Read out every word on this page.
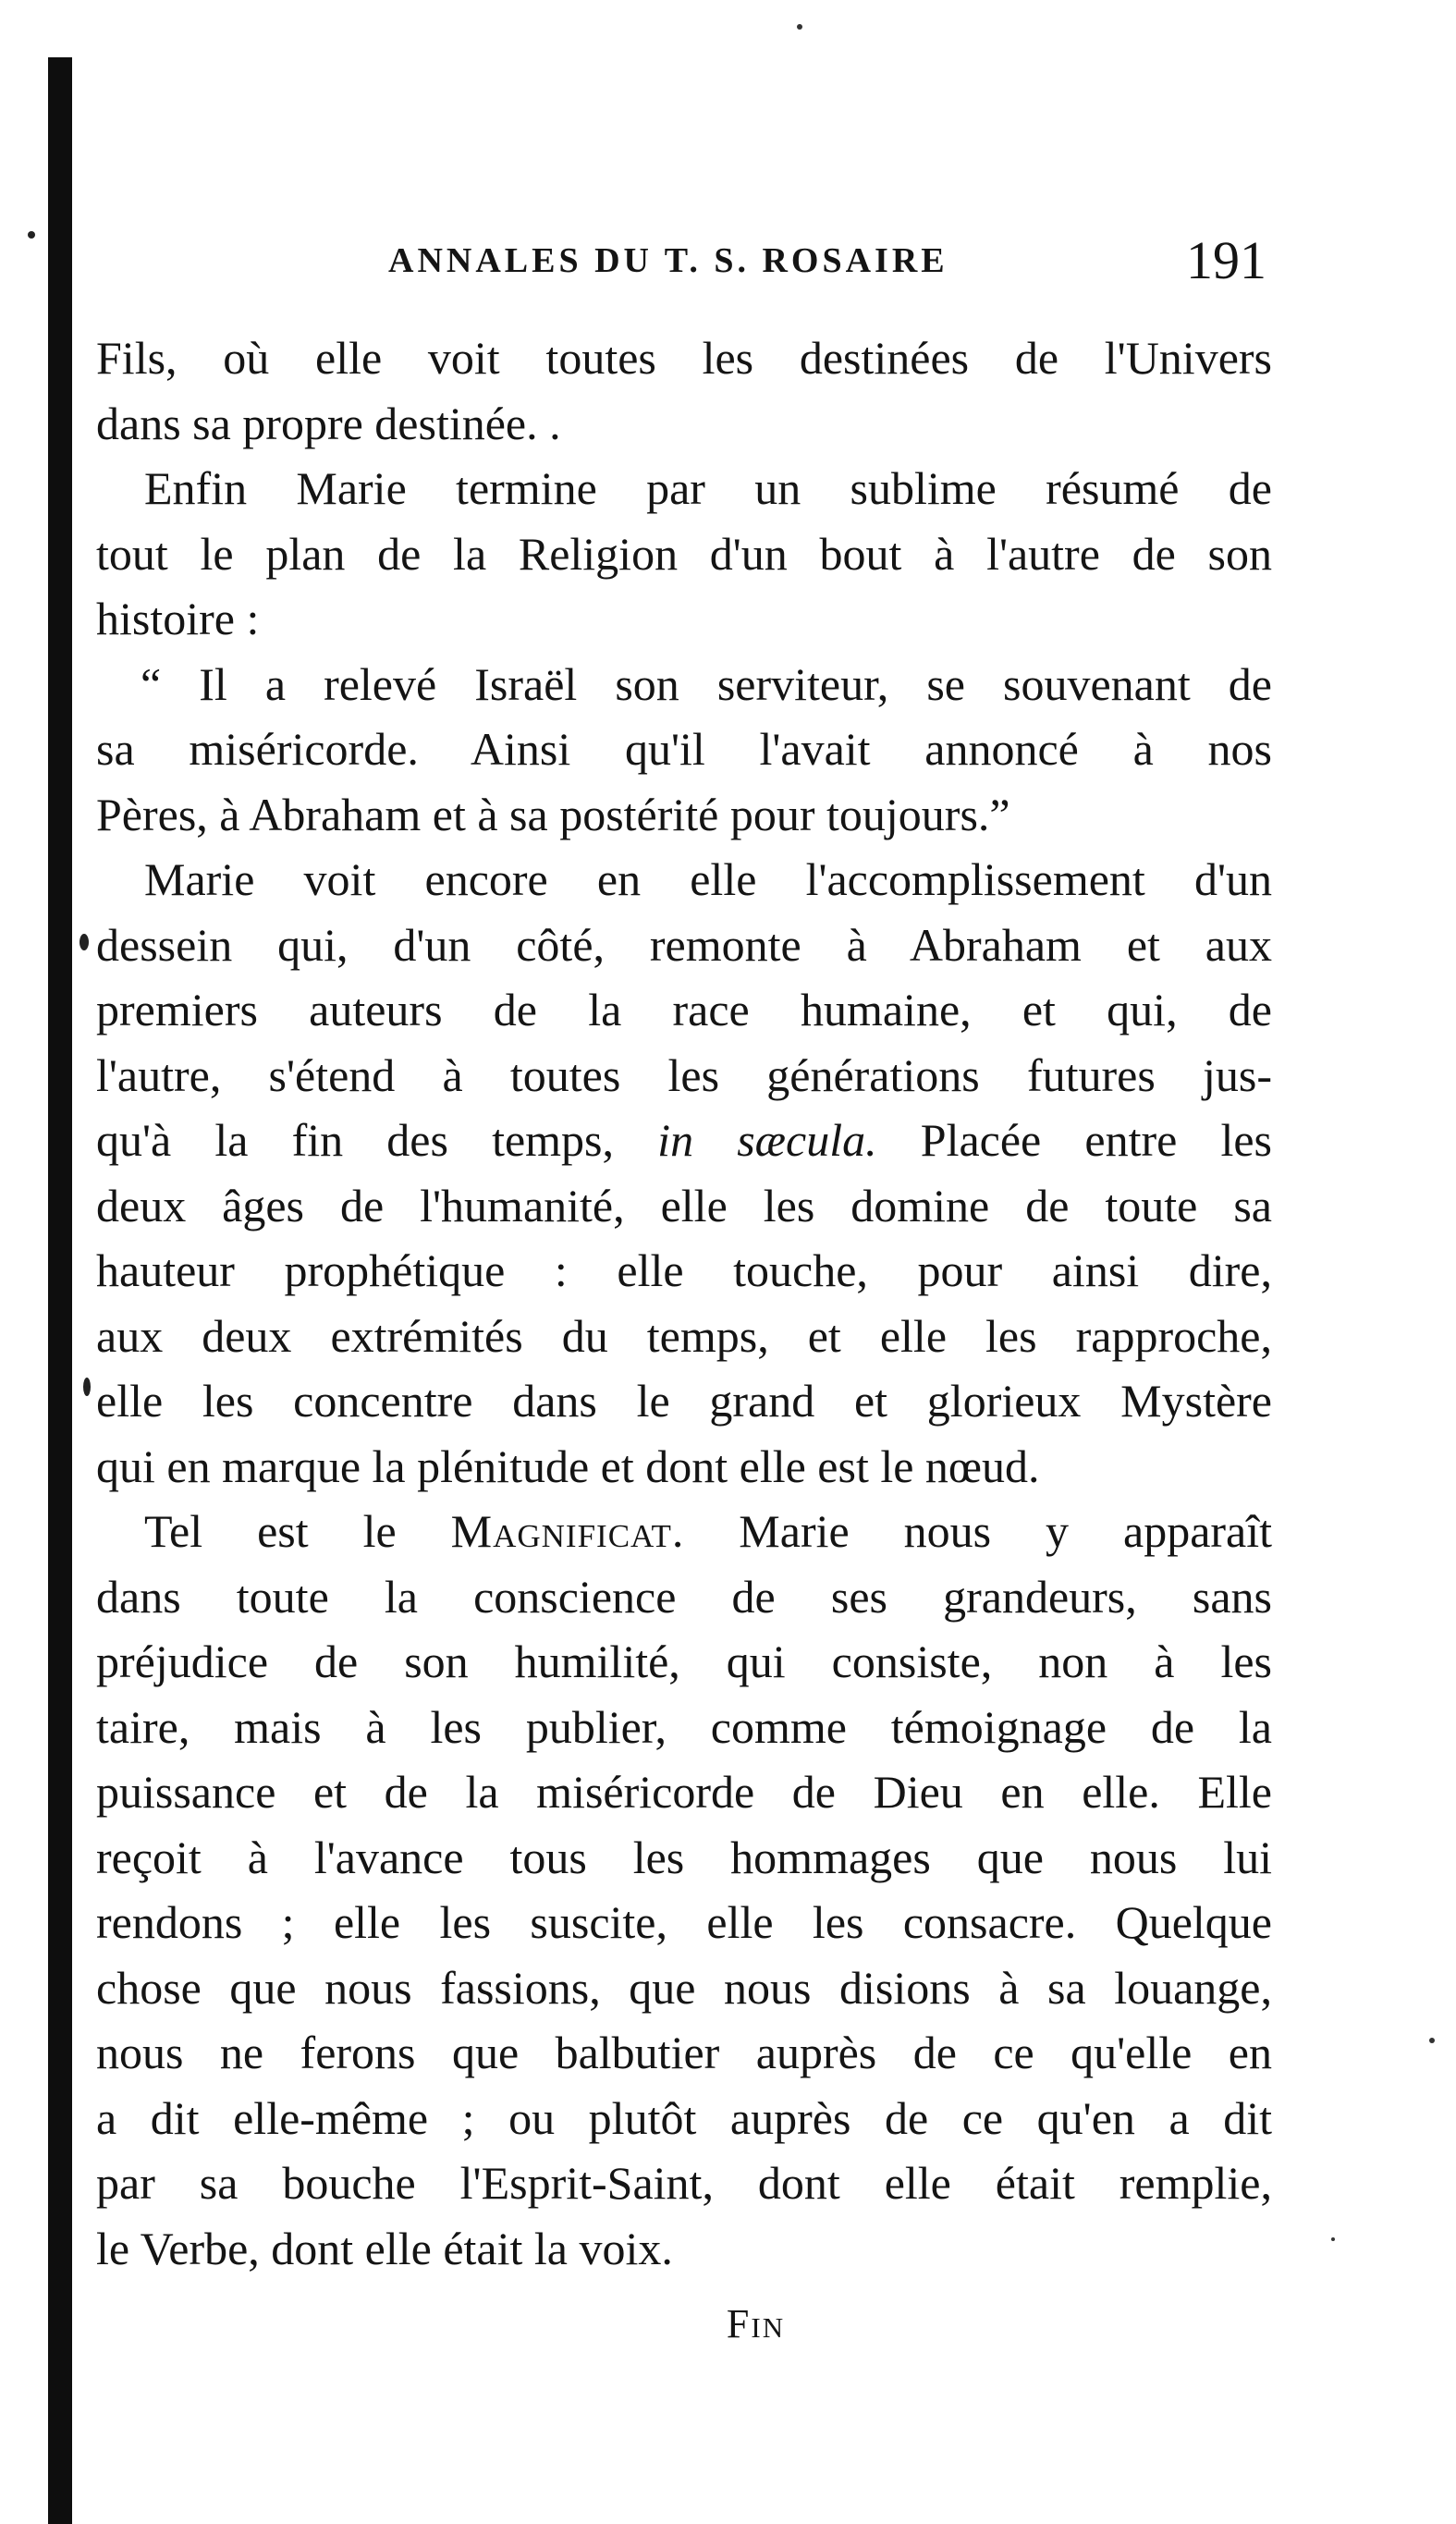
ANNALES DU T. S. ROSAIRE	191
Fils, où elle voit toutes les destinées de l'Univers
dans sa propre destinée. .
Enfin Marie termine par un sublime résumé de
tout le plan de la Religion d'un bout à l'autre de son
histoire :
“ Il a relevé Israël son serviteur, se souvenant de
sa miséricorde. Ainsi qu'il l'avait annoncé à nos
Pères, à Abraham et à sa postérité pour toujours.”
Marie voit encore en elle l'accomplissement d'un
dessein qui, d'un côté, remonte à Abraham et aux
premiers auteurs de la race humaine, et qui, de
l'autre, s'étend à toutes les générations futures jus-
qu'à la fin des temps, in sæcula. Placée entre les
deux âges de l'humanité, elle les domine de toute sa
hauteur prophétique : elle touche, pour ainsi dire,
aux deux extrémités du temps, et elle les rapproche,
elle les concentre dans le grand et glorieux Mystère
qui en marque la plénitude et dont elle est le nœud.
Tel est le Magnificat. Marie nous y apparaît
dans toute la conscience de ses grandeurs, sans
préjudice de son humilité, qui consiste, non à les
taire, mais à les publier, comme témoignage de la
puissance et de la miséricorde de Dieu en elle. Elle
reçoit à l'avance tous les hommages que nous lui
rendons ; elle les suscite, elle les consacre. Quelque
chose que nous fassions, que nous disions à sa louange,
nous ne ferons que balbutier auprès de ce qu'elle en
a dit elle-même ; ou plutôt auprès de ce qu'en a dit
par sa bouche l'Esprit-Saint, dont elle était remplie,
le Verbe, dont elle était la voix.
Fin
